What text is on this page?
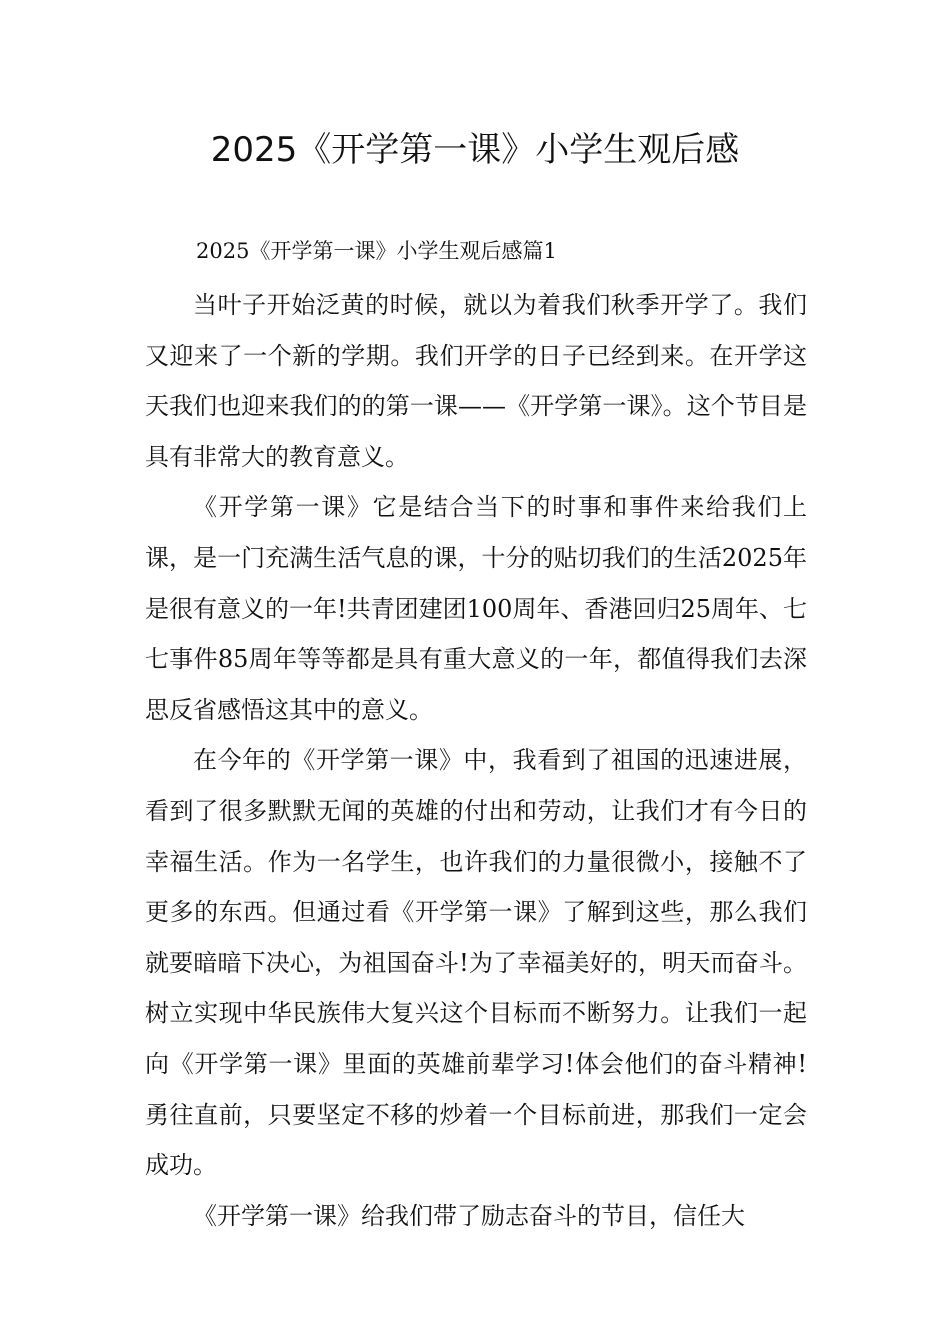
2025《开学第一课》小学生观后感
2025《开学第一课》小学生观后感篇1

当叶子开始泛黄的时候，就以为着我们秋季开学了。我们又迎来了一个新的学期。我们开学的日子已经到来。在开学这天我们也迎来我们的的第一课——《开学第一课》。这个节目是具有非常大的教育意义。

《开学第一课》它是结合当下的时事和事件来给我们上课，是一门充满生活气息的课，十分的贴切我们的生活2025年是很有意义的一年!共青团建团100周年、香港回归25周年、七七事件85周年等等都是具有重大意义的一年，都值得我们去深思反省感悟这其中的意义。

在今年的《开学第一课》中，我看到了祖国的迅速进展，看到了很多默默无闻的英雄的付出和劳动，让我们才有今日的幸福生活。作为一名学生，也许我们的力量很微小，接触不了更多的东西。但通过看《开学第一课》了解到这些，那么我们就要暗暗下决心，为祖国奋斗!为了幸福美好的，明天而奋斗。树立实现中华民族伟大复兴这个目标而不断努力。让我们一起向《开学第一课》里面的英雄前辈学习!体会他们的奋斗精神!勇往直前，只要坚定不移的炒着一个目标前进，那我们一定会成功。

《开学第一课》给我们带了励志奋斗的节目，信任大
